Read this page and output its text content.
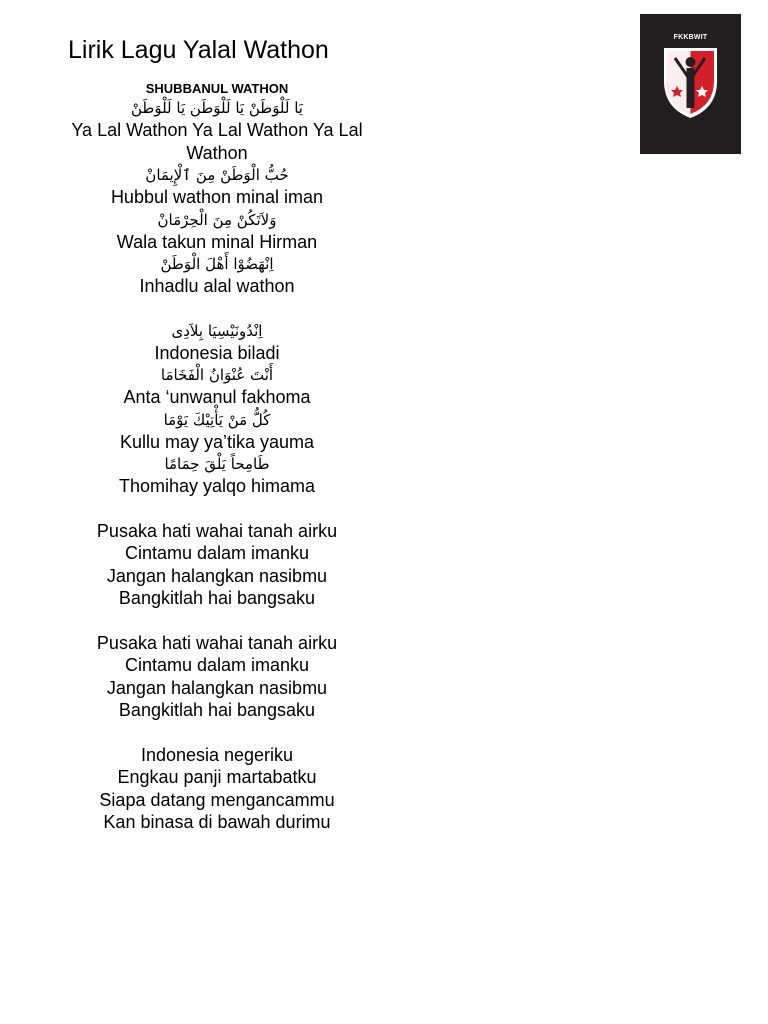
Lirik Lagu Yalal Wathon
SHUBBANUL WATHON
يَا لَلْوَطَنْ يَا لَلْوَطَن يَا لَلْوَطَنْ
Ya Lal Wathon Ya Lal Wathon Ya Lal Wathon
حُبُّ الْوَطَنْ مِنَ ٱلْإِيمَانْ
Hubbul wathon minal iman
وَلاَتَكُنْ مِنَ الْحِرْمَانْ
Wala takun minal Hirman
اِنْهَضُوْا أَهْلَ الْوَطَنْ
Inhadlu alal wathon
اِنْدُونَيْسِيَا بِلاَدِى
Indonesia biladi
أَنْتَ عُنْوَانُ الْفَخَامَا
Anta ‘unwanul fakhoma
كُلُّ مَنْ يَأْتِيْكَ يَوْمَا
Kullu may ya’tika yauma
طَامِحاً يَلْقَ حِمَامًا
Thomihay yalqo himama
Pusaka hati wahai tanah airku
Cintamu dalam imanku
Jangan halangkan nasibmu
Bangkitlah hai bangsaku
Pusaka hati wahai tanah airku
Cintamu dalam imanku
Jangan halangkan nasibmu
Bangkitlah hai bangsaku
Indonesia negeriku
Engkau panji martabatku
Siapa datang mengancammu
Kan binasa di bawah durimu
FKKBWIT
